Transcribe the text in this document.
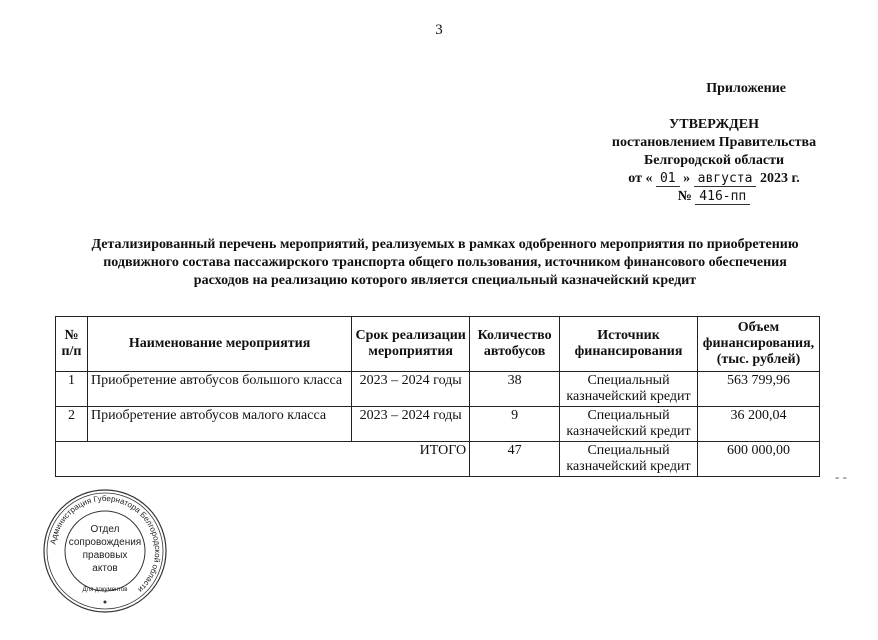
3
Приложение
УТВЕРЖДЕН
постановлением Правительства
Белгородской области
от « 01 » августа 2023 г.
№ 416-пп
Детализированный перечень мероприятий, реализуемых в рамках одобренного мероприятия по приобретению
подвижного состава пассажирского транспорта общего пользования, источником финансового обеспечения
расходов на реализацию которого является специальный казначейский кредит
№ п/п	Наименование мероприятия	Срок реализации мероприятия	Количество автобусов	Источник финансирования	Объем финансирования, (тыс. рублей)
1	Приобретение автобусов большого класса	2023 – 2024 годы	38	Специальный казначейский кредит	563 799,96
2	Приобретение автобусов малого класса	2023 – 2024 годы	9	Специальный казначейский кредит	36 200,04
ИТОГО			47	Специальный казначейский кредит	600 000,00
- -
Администрация Губернатора Белгородской области
Для документов
Отдел
сопровождения
правовых
актов
